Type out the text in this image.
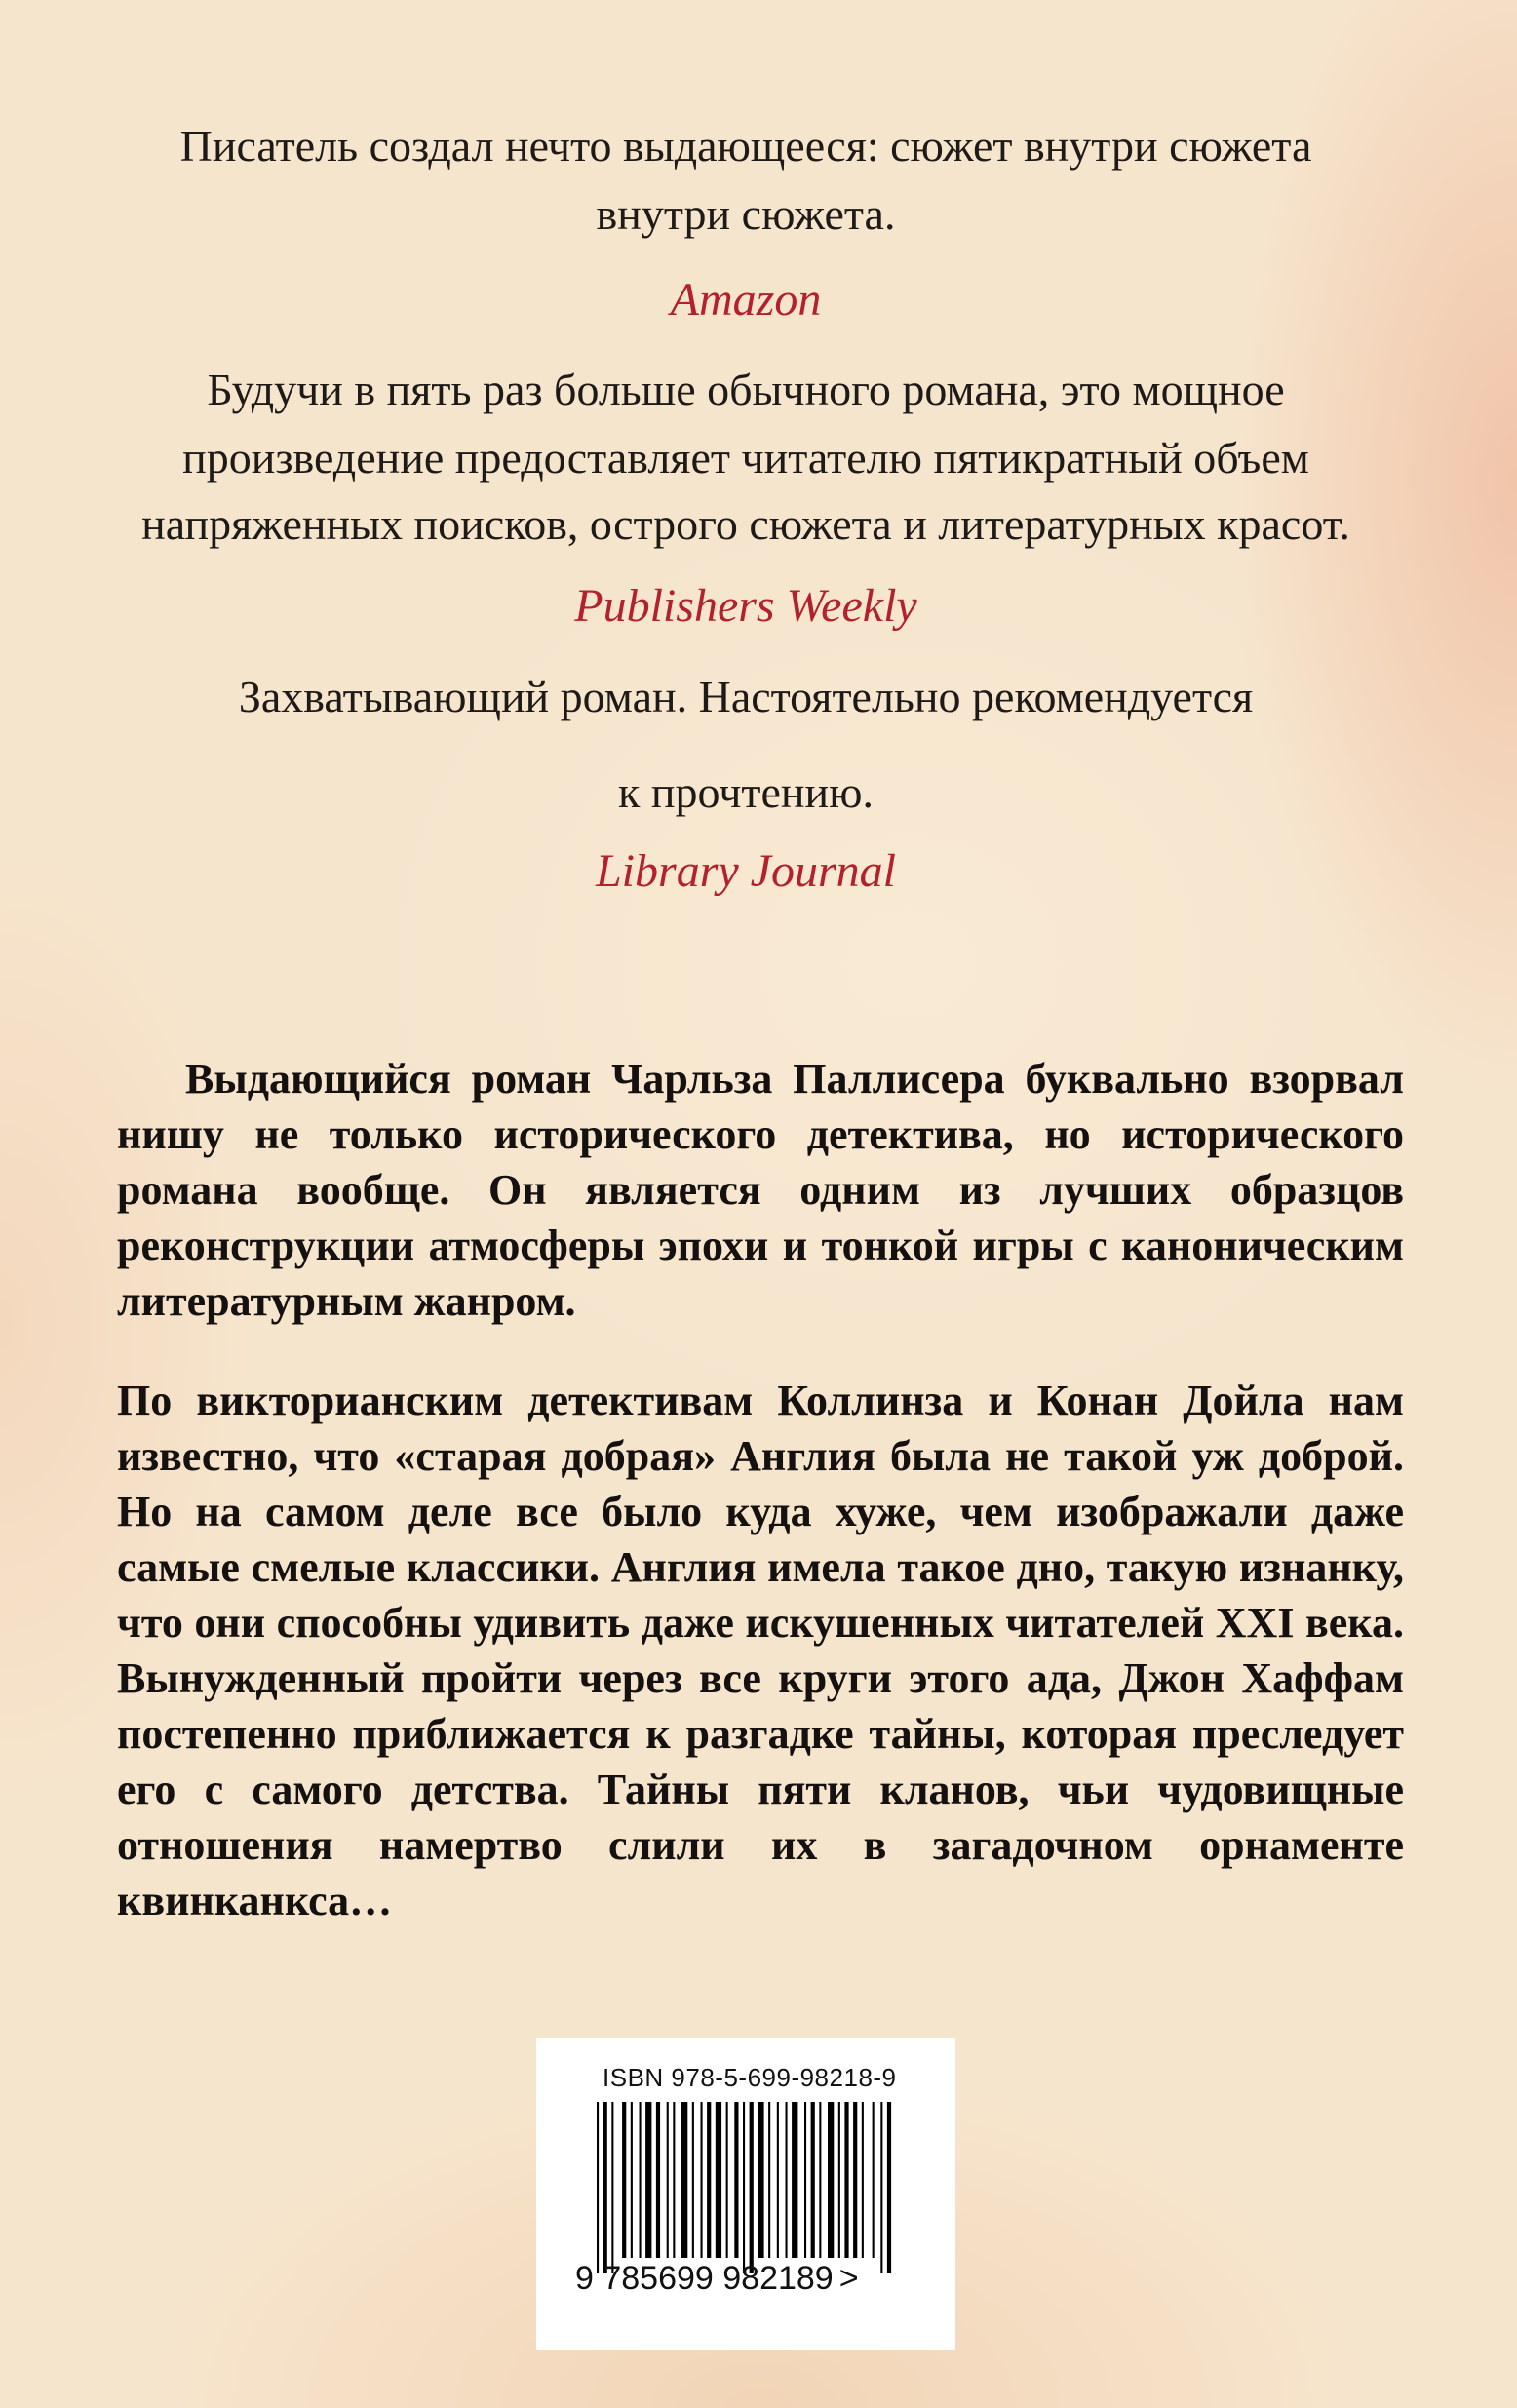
Писатель создал нечто выдающееся: сюжет внутри сюжета

внутри сюжета.

Amazon

Будучи в пять раз больше обычного романа, это мощное

произведение предоставляет читателю пятикратный объем

напряженных поисков, острого сюжета и литературных красот.

Publishers Weekly

Захватывающий роман. Настоятельно рекомендуется

к прочтению.

Library Journal

Выдающийся роман Чарльза Паллисера буквально взорвал нишу не только исторического детектива, но исторического романа вообще. Он является одним из лучших образцов реконструкции атмосферы эпохи и тонкой игры с каноническим литературным жанром.

По викторианским детективам Коллинза и Конан Дойла нам известно, что «старая добрая» Англия была не такой уж доброй. Но на самом деле все было куда хуже, чем изображали даже самые смелые классики. Англия имела такое дно, такую изнанку, что они способны удивить даже искушенных читателей XXI века. Вынужденный пройти через все круги этого ада, Джон Хаффам постепенно приближается к разгадке тайны, которая преследует его с самого детства. Тайны пяти кланов, чьи чудовищные отношения намертво слили их в загадочном орнаменте квинканкса…

ISBN 978-5-699-98218-9
9 785699 982189 >
